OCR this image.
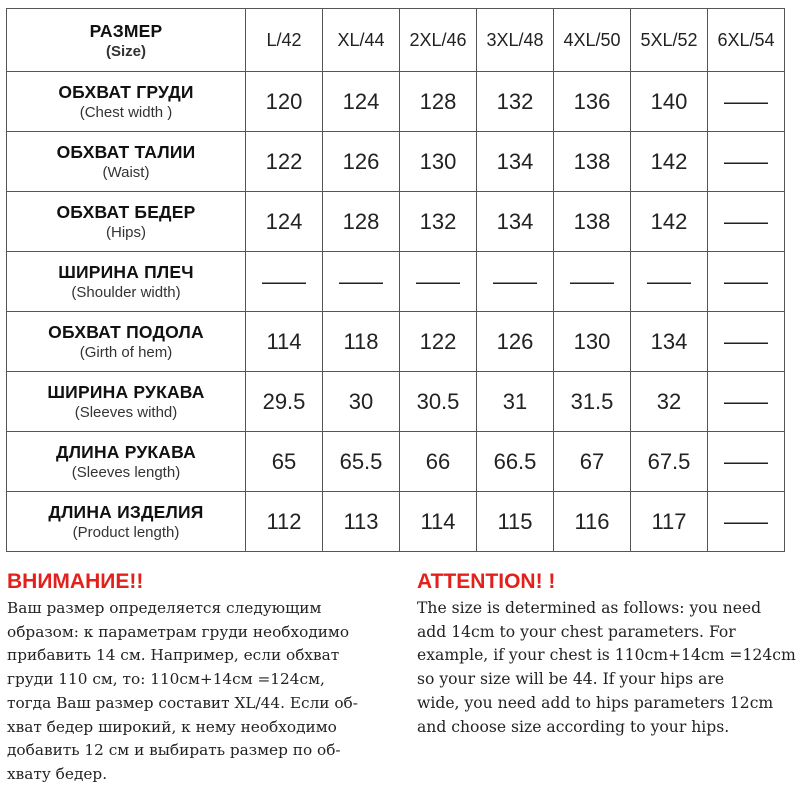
РАЗМЕР
(Size)	L/42	XL/44	2XL/46	3XL/48	4XL/50	5XL/52	6XL/54

ОБХВАТ ГРУДИ
(Chest width )	120	124	128	132	136	140	——

ОБХВАТ ТАЛИИ
(Waist)	122	126	130	134	138	142	——

ОБХВАТ БЕДЕР
(Hips)	124	128	132	134	138	142	——

ШИРИНА ПЛЕЧ
(Shoulder width)	——	——	——	——	——	——	——

ОБХВАТ ПОДОЛА
(Girth of hem)	114	118	122	126	130	134	——

ШИРИНА РУКАВА
(Sleeves withd)	29.5	30	30.5	31	31.5	32	——

ДЛИНА РУКАВА
(Sleeves length)	65	65.5	66	66.5	67	67.5	——

ДЛИНА ИЗДЕЛИЯ
(Product length)	112	113	114	115	116	117	——
ВНИМАНИЕ!!
Ваш размер определяется следующим
образом: к параметрам груди необходимо
прибавить 14 см. Например, если обхват
груди 110 см, то: 110см+14см =124см,
тогда Ваш размер составит XL/44. Если об-
хват бедер широкий, к нему необходимо
добавить 12 см и выбирать размер по об-
хвату бедер.
ATTENTION! !
The size is determined as follows: you need
add 14cm to your chest parameters. For
example, if your chest is 110cm+14cm =124cm
so your size will be 44. If your hips are
wide, you need add to hips parameters 12cm
and choose size according to your hips.
